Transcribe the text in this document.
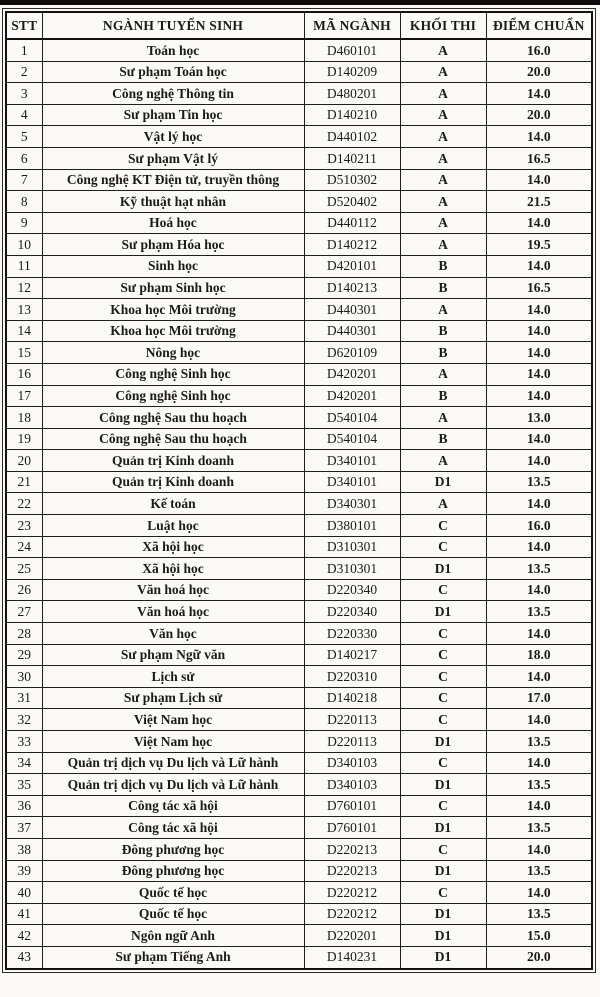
STT	NGÀNH TUYỂN SINH	MÃ NGÀNH	KHỐI THI	ĐIỂM CHUẨN
1	Toán học	D460101	A	16.0
2	Sư phạm Toán học	D140209	A	20.0
3	Công nghệ Thông tin	D480201	A	14.0
4	Sư phạm Tin học	D140210	A	20.0
5	Vật lý học	D440102	A	14.0
6	Sư phạm Vật lý	D140211	A	16.5
7	Công nghệ KT Điện tử, truyền thông	D510302	A	14.0
8	Kỹ thuật hạt nhân	D520402	A	21.5
9	Hoá học	D440112	A	14.0
10	Sư phạm Hóa học	D140212	A	19.5
11	Sinh học	D420101	B	14.0
12	Sư phạm Sinh học	D140213	B	16.5
13	Khoa học Môi trường	D440301	A	14.0
14	Khoa học Môi trường	D440301	B	14.0
15	Nông học	D620109	B	14.0
16	Công nghệ Sinh học	D420201	A	14.0
17	Công nghệ Sinh học	D420201	B	14.0
18	Công nghệ Sau thu hoạch	D540104	A	13.0
19	Công nghệ Sau thu hoạch	D540104	B	14.0
20	Quản trị Kinh doanh	D340101	A	14.0
21	Quản trị Kinh doanh	D340101	D1	13.5
22	Kế toán	D340301	A	14.0
23	Luật học	D380101	C	16.0
24	Xã hội học	D310301	C	14.0
25	Xã hội học	D310301	D1	13.5
26	Văn hoá học	D220340	C	14.0
27	Văn hoá học	D220340	D1	13.5
28	Văn học	D220330	C	14.0
29	Sư phạm Ngữ văn	D140217	C	18.0
30	Lịch sử	D220310	C	14.0
31	Sư phạm Lịch sử	D140218	C	17.0
32	Việt Nam học	D220113	C	14.0
33	Việt Nam học	D220113	D1	13.5
34	Quản trị dịch vụ Du lịch và Lữ hành	D340103	C	14.0
35	Quản trị dịch vụ Du lịch và Lữ hành	D340103	D1	13.5
36	Công tác xã hội	D760101	C	14.0
37	Công tác xã hội	D760101	D1	13.5
38	Đông phương học	D220213	C	14.0
39	Đông phương học	D220213	D1	13.5
40	Quốc tế học	D220212	C	14.0
41	Quốc tế học	D220212	D1	13.5
42	Ngôn ngữ Anh	D220201	D1	15.0
43	Sư phạm Tiếng Anh	D140231	D1	20.0
